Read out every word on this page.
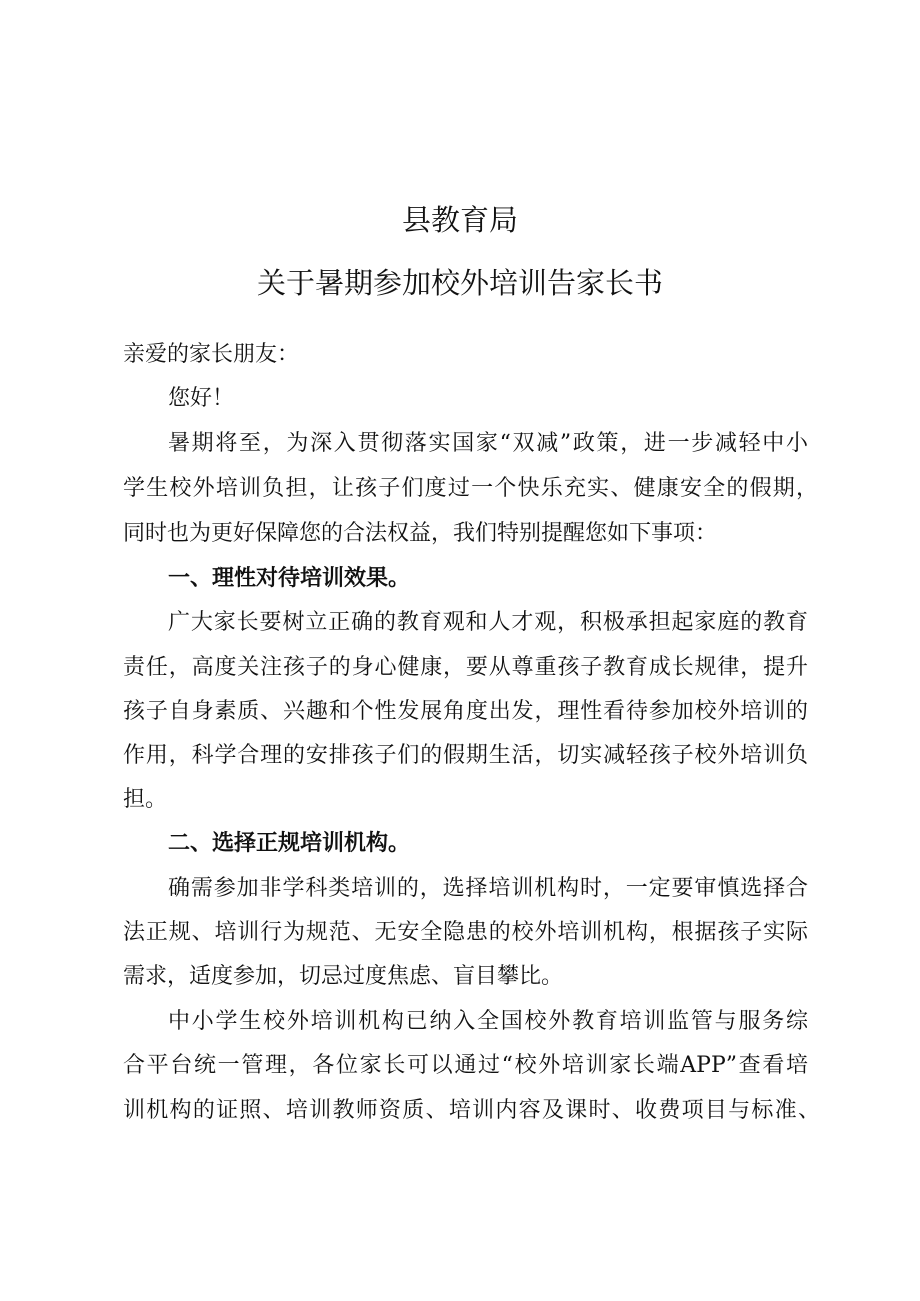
县教育局
关于暑期参加校外培训告家长书

亲爱的家长朋友：

您好！

暑期将至，为深入贯彻落实国家“双减”政策，进一步减轻中小

学生校外培训负担，让孩子们度过一个快乐充实、健康安全的假期，

同时也为更好保障您的合法权益，我们特别提醒您如下事项：

一、理性对待培训效果。

广大家长要树立正确的教育观和人才观，积极承担起家庭的教育

责任，高度关注孩子的身心健康，要从尊重孩子教育成长规律，提升

孩子自身素质、兴趣和个性发展角度出发，理性看待参加校外培训的

作用，科学合理的安排孩子们的假期生活，切实减轻孩子校外培训负

担。

二、选择正规培训机构。

确需参加非学科类培训的，选择培训机构时，一定要审慎选择合

法正规、培训行为规范、无安全隐患的校外培训机构，根据孩子实际

需求，适度参加，切忌过度焦虑、盲目攀比。

中小学生校外培训机构已纳入全国校外教育培训监管与服务综

合平台统一管理，各位家长可以通过“校外培训家长端APP”查看培

训机构的证照、培训教师资质、培训内容及课时、收费项目与标准、
